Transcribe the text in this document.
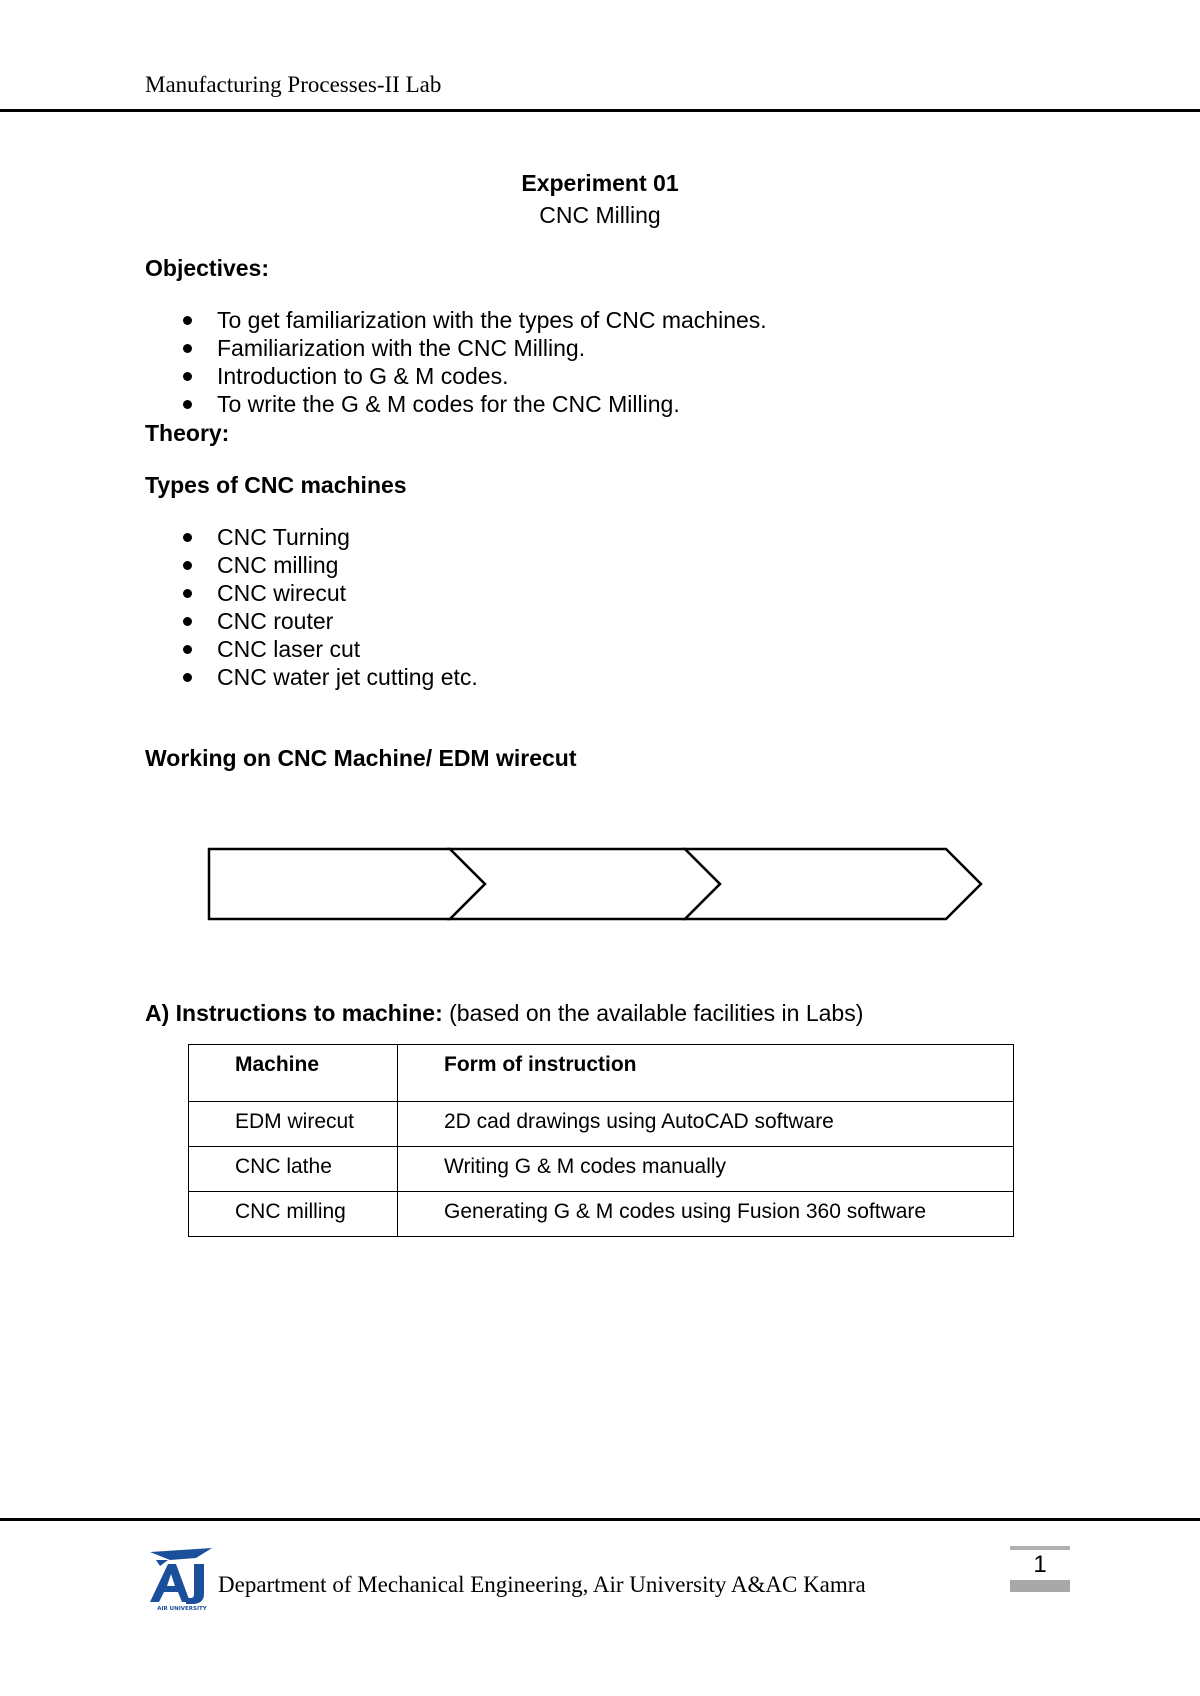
Manufacturing Processes-II Lab
Experiment 01
CNC Milling
Objectives:
To get familiarization with the types of CNC machines.
Familiarization with the CNC Milling.
Introduction to G & M codes.
To write the G & M codes for the CNC Milling.
Theory:
Types of CNC machines
CNC Turning
CNC milling
CNC wirecut
CNC router
CNC laser cut
CNC water jet cutting etc.
Working on CNC Machine/ EDM wirecut
A) Instructions to machine: (based on the available facilities in Labs)
Machine	Form of instruction
EDM wirecut	2D cad drawings using AutoCAD software
CNC lathe	Writing G & M codes manually
CNC milling	Generating G & M codes using Fusion 360 software
AIR UNIVERSITY
Department of Mechanical Engineering, Air University A&AC Kamra
1
